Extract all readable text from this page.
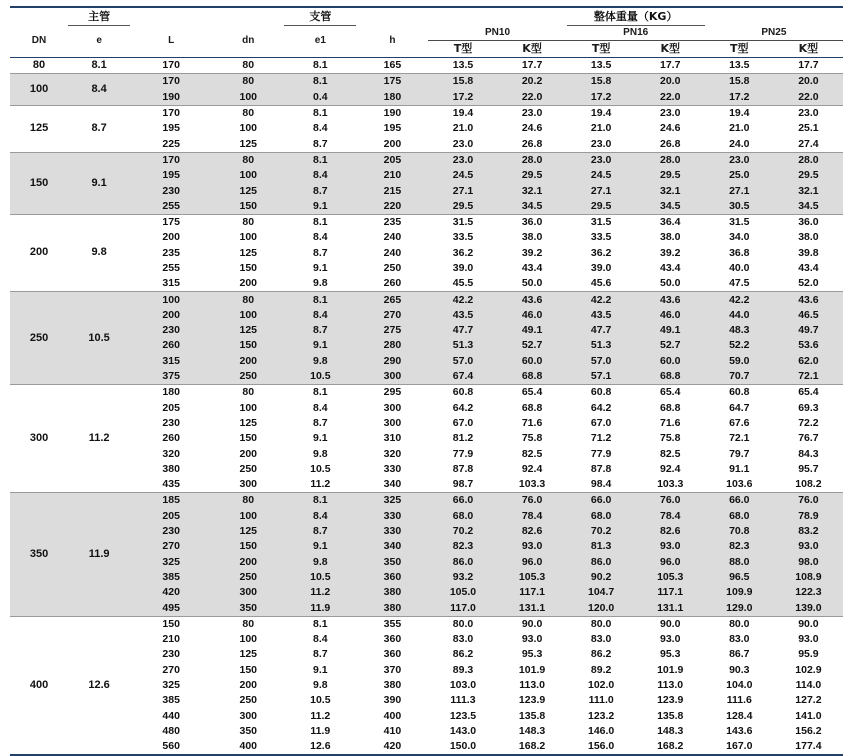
	主管			支管				整体重量（KG）			
DN	e	L	dn	e1	h	PN10		PN16		PN25	
						T型	K型	T型	K型	T型	K型
80	8.1	170	80	8.1	165	13.5	17.7	13.5	17.7	13.5	17.7

100	8.4	170	80	8.1	175	15.8	20.2	15.8	20.0	15.8	20.0
		190	100	0.4	180	17.2	22.0	17.2	22.0	17.2	22.0

125	8.7	170	80	8.1	190	19.4	23.0	19.4	23.0	19.4	23.0
		195	100	8.4	195	21.0	24.6	21.0	24.6	21.0	25.1
		225	125	8.7	200	23.0	26.8	23.0	26.8	24.0	27.4

150	9.1	170	80	8.1	205	23.0	28.0	23.0	28.0	23.0	28.0
		195	100	8.4	210	24.5	29.5	24.5	29.5	25.0	29.5
		230	125	8.7	215	27.1	32.1	27.1	32.1	27.1	32.1
		255	150	9.1	220	29.5	34.5	29.5	34.5	30.5	34.5

200	9.8	175	80	8.1	235	31.5	36.0	31.5	36.4	31.5	36.0
		200	100	8.4	240	33.5	38.0	33.5	38.0	34.0	38.0
		235	125	8.7	240	36.2	39.2	36.2	39.2	36.8	39.8
		255	150	9.1	250	39.0	43.4	39.0	43.4	40.0	43.4
		315	200	9.8	260	45.5	50.0	45.6	50.0	47.5	52.0

250	10.5	100	80	8.1	265	42.2	43.6	42.2	43.6	42.2	43.6
		200	100	8.4	270	43.5	46.0	43.5	46.0	44.0	46.5
		230	125	8.7	275	47.7	49.1	47.7	49.1	48.3	49.7
		260	150	9.1	280	51.3	52.7	51.3	52.7	52.2	53.6
		315	200	9.8	290	57.0	60.0	57.0	60.0	59.0	62.0
		375	250	10.5	300	67.4	68.8	57.1	68.8	70.7	72.1

300	11.2	180	80	8.1	295	60.8	65.4	60.8	65.4	60.8	65.4
		205	100	8.4	300	64.2	68.8	64.2	68.8	64.7	69.3
		230	125	8.7	300	67.0	71.6	67.0	71.6	67.6	72.2
		260	150	9.1	310	81.2	75.8	71.2	75.8	72.1	76.7
		320	200	9.8	320	77.9	82.5	77.9	82.5	79.7	84.3
		380	250	10.5	330	87.8	92.4	87.8	92.4	91.1	95.7
		435	300	11.2	340	98.7	103.3	98.4	103.3	103.6	108.2

350	11.9	185	80	8.1	325	66.0	76.0	66.0	76.0	66.0	76.0
		205	100	8.4	330	68.0	78.4	68.0	78.4	68.0	78.9
		230	125	8.7	330	70.2	82.6	70.2	82.6	70.8	83.2
		270	150	9.1	340	82.3	93.0	81.3	93.0	82.3	93.0
		325	200	9.8	350	86.0	96.0	86.0	96.0	88.0	98.0
		385	250	10.5	360	93.2	105.3	90.2	105.3	96.5	108.9
		420	300	11.2	380	105.0	117.1	104.7	117.1	109.9	122.3
		495	350	11.9	380	117.0	131.1	120.0	131.1	129.0	139.0

400	12.6	150	80	8.1	355	80.0	90.0	80.0	90.0	80.0	90.0
		210	100	8.4	360	83.0	93.0	83.0	93.0	83.0	93.0
		230	125	8.7	360	86.2	95.3	86.2	95.3	86.7	95.9
		270	150	9.1	370	89.3	101.9	89.2	101.9	90.3	102.9
		325	200	9.8	380	103.0	113.0	102.0	113.0	104.0	114.0
		385	250	10.5	390	111.3	123.9	111.0	123.9	111.6	127.2
		440	300	11.2	400	123.5	135.8	123.2	135.8	128.4	141.0
		480	350	11.9	410	143.0	148.3	146.0	148.3	143.6	156.2
		560	400	12.6	420	150.0	168.2	156.0	168.2	167.0	177.4
